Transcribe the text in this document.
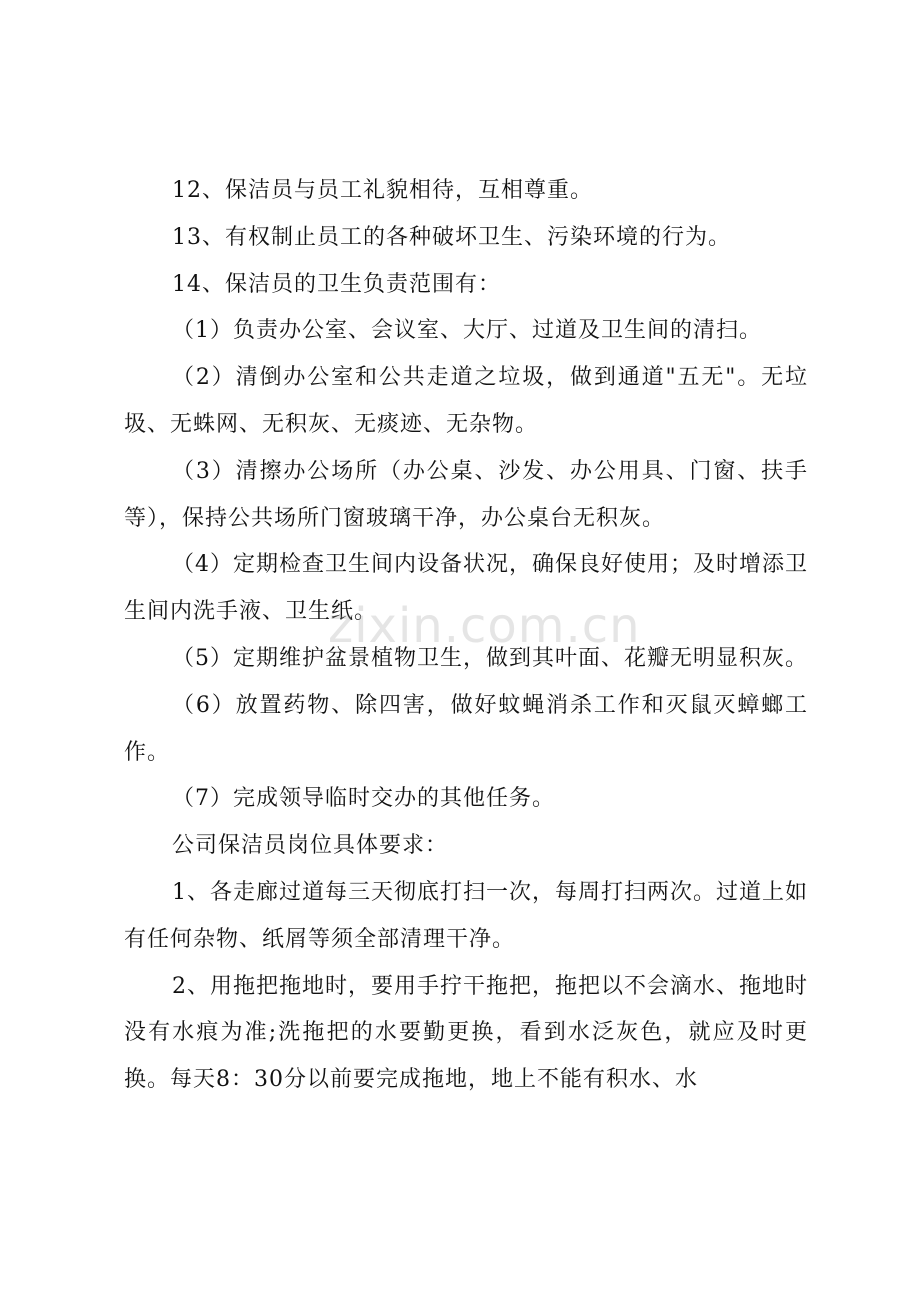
12、保洁员与员工礼貌相待，互相尊重。

13、有权制止员工的各种破坏卫生、污染环境的行为。

14、保洁员的卫生负责范围有：

（1）负责办公室、会议室、大厅、过道及卫生间的清扫。

（2）清倒办公室和公共走道之垃圾，做到通道"五无"。无垃圾、无蛛网、无积灰、无痰迹、无杂物。

（3）清擦办公场所（办公桌、沙发、办公用具、门窗、扶手等），保持公共场所门窗玻璃干净，办公桌台无积灰。

（4）定期检查卫生间内设备状况，确保良好使用；及时增添卫生间内洗手液、卫生纸。

（5）定期维护盆景植物卫生，做到其叶面、花瓣无明显积灰。

（6）放置药物、除四害，做好蚊蝇消杀工作和灭鼠灭蟑螂工作。

（7）完成领导临时交办的其他任务。

公司保洁员岗位具体要求：

1、各走廊过道每三天彻底打扫一次，每周打扫两次。过道上如有任何杂物、纸屑等须全部清理干净。

2、用拖把拖地时，要用手拧干拖把，拖把以不会滴水、拖地时没有水痕为准;洗拖把的水要勤更换，看到水泛灰色，就应及时更换。每天8：30分以前要完成拖地，地上不能有积水、水

zixin.com.cn
